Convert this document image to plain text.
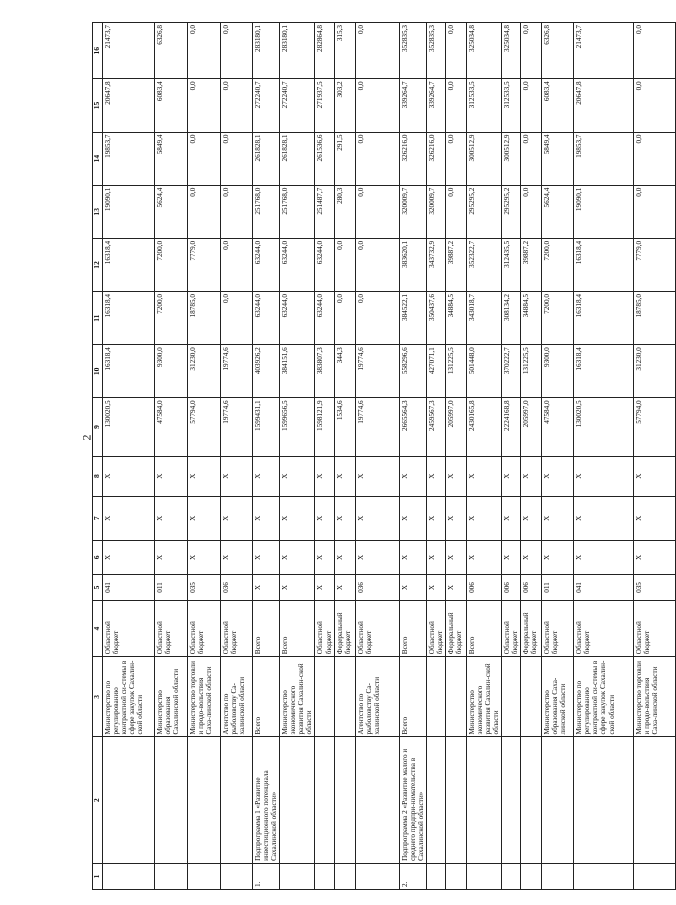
2
1	2	3	4	5	6	7	8	9	10	11	12	13	14	15	16
		Министерство по регулированию контрактной си-стемы в сфере закупок Сахалин-ской области	Областной бюджет	041	Х	Х	Х	130020,5	16318,4	16318,4	16318,4	19090,1	19853,7	20647,8	21473,7
		Министерство образования Сахалинской области	Областной бюджет	011	Х	Х	Х	47584,0	9300,0	7200,0	7200,0	5624,4	5849,4	6083,4	6326,8
		Министерство торговли и продо-вольствия Саха-линской области	Областной бюджет	035	Х	Х	Х	57794,0	31230,0	18785,0	7779,0	0,0	0,0	0,0	0,0
		Агентство по рыболовству Са-халинской области	Областной бюджет	036	Х	Х	Х	19774,6	19774,6	0,0	0,0	0,0	0,0	0,0	0,0
1.	Подпрограмма 1 «Развитие инвестиционного потенциала Сахалинской области»	Всего	Всего	Х	Х	Х	Х	1599431,1	403926,2	63244,0	63244,0	251768,0	261828,1	272240,7	283180,1
		Министерство экономического развития Сахалин-ской области	Всего	Х	Х	Х	Х	1599656,5	384151,6	63244,0	63244,0	251768,0	261828,1	272240,7	283180,1
			Областной бюджет	Х	Х	Х	Х	1598121,9	383807,3	63244,0	63244,0	251487,7	261536,6	271937,5	282864,8
			Федеральный бюджет	Х	Х	Х	Х	1534,6	344,3	0,0	0,0	280,3	291,5	303,2	315,3
		Агентство по рыболовству Са-халинской области	Областной бюджет	036	Х	Х	Х	19774,6	19774,6	0,0	0,0	0,0	0,0	0,0	0,0
2.	Подпрограмма 2 «Развитие малого и среднего предпри-нимательства в Сахалинской области»	Всего	Всего	Х	Х	Х	Х	2665564,3	558296,6	384522,1	383620,1	320009,7	326216,0	339264,7	352835,3
			Областной бюджет	Х	Х	Х	Х	2459567,3	427071,1	350437,6	343732,9	320009,7	326216,0	339264,7	352835,3
			Федеральный бюджет	Х	Х	Х	Х	205997,0	131225,5	34884,5	39887,2	0,0	0,0	0,0	0,0
		Министерство экономического развития Сахалин-ской области	Всего	006	Х	Х	Х	2430165,8	501448,0	343018,7	352322,7	295295,2	300512,9	312533,5	325034,8
			Областной бюджет	006	Х	Х	Х	2224168,8	370222,7	308134,2	312435,5	295295,2	300512,9	312533,5	325034,8
			Федеральный бюджет	006	Х	Х	Х	205997,0	131225,5	34884,5	39887,2	0,0	0,0	0,0	0,0
		Министерство образования Саха-линской области	Областной бюджет	011	Х	Х	Х	47584,0	9300,0	7200,0	7200,0	5624,4	5849,4	6083,4	6326,8
		Министерство по регулированию контрактной си-стемы в сфере закупок Сахалин-ской области	Областной бюджет	041	Х	Х	Х	130020,5	16318,4	16318,4	16318,4	19090,1	19853,7	20647,8	21473,7
		Министерство торговли и продо-вольствия Саха-линской области	Областной бюджет	035	Х	Х	Х	57794,0	31230,0	18785,0	7779,0	0,0	0,0	0,0	0,0
